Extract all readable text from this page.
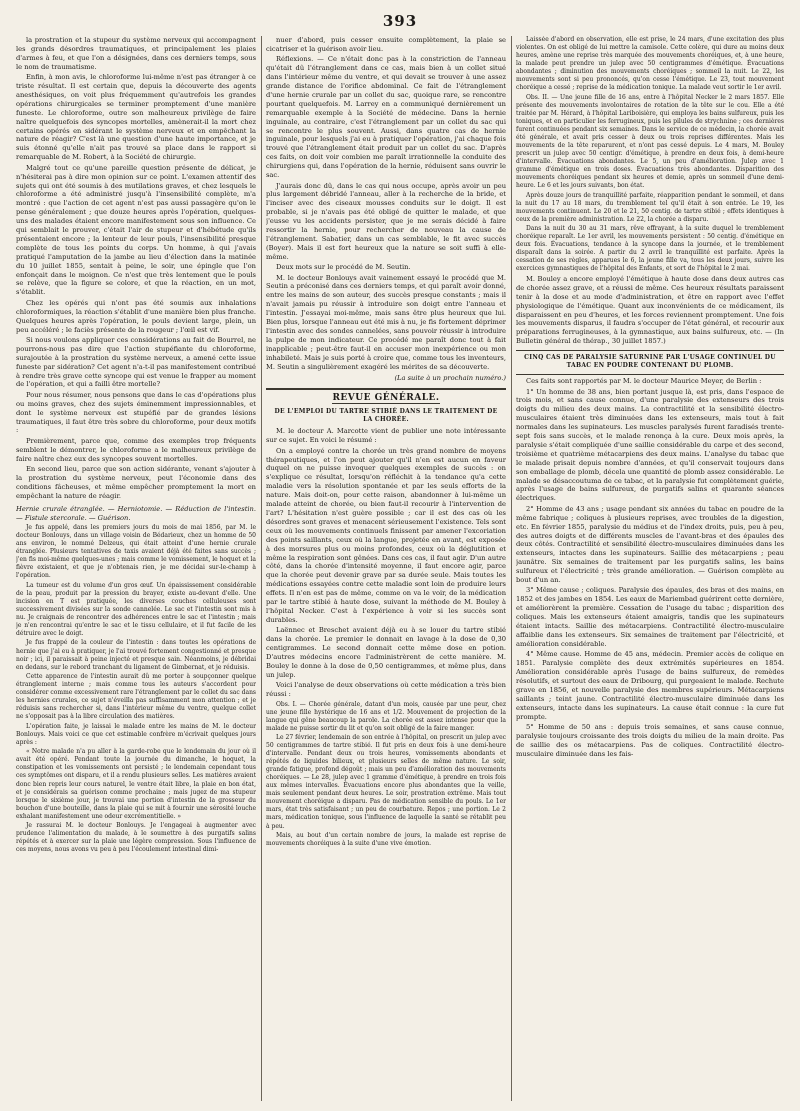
393

la prostration et la stupeur du système nerveux qui accompagnent les grands désordres traumatiques, et principalement les plaies d'armes à feu, et que l'on a désignées, dans ces derniers temps, sous le nom de traumatisme.

Enfin, à mon avis, le chloroforme lui-même n'est pas étranger à ce triste résultat. Il est certain que, depuis la découverte des agents anesthésiques, on voit plus fréquemment qu'autrefois les grandes opérations chirurgicales se terminer promptement d'une manière funeste. Le chloroforme, outre son malheureux privilège de faire naître quelquefois des syncopes mortelles, amènerait-il la mort chez certains opérés en sidérant le système nerveux et en empêchant la nature de réagir? C'est là une question d'une haute importance, et je suis étonné qu'elle n'ait pas trouvé sa place dans le rapport si remarquable de M. Robert, à la Société de chirurgie.

Malgré tout ce qu'une pareille question présente de délicat, je n'hésiterai pas à dire mon opinion sur ce point. L'examen attentif des sujets qui ont été soumis à des mutilations graves, et chez lesquels le chloroforme a été administré jusqu'à l'insensibilité complète, m'a montré : que l'action de cet agent n'est pas aussi passagère qu'on le pense généralement ; que douze heures après l'opération, quelques-uns des malades étaient encore manifestement sous son influence. Ce qui semblait le prouver, c'était l'air de stupeur et d'hébétude qu'ils présentaient encore ; la lenteur de leur pouls, l'insensibilité presque complète de tous les points du corps. Un homme, à qui j'avais pratiqué l'amputation de la jambe au lieu d'élection dans la matinée du 10 juillet 1855, sentait à peine, le soir, une épingle que l'on enfonçait dans le moignon. Ce n'est que très lentement que le pouls se relève, que la figure se colore, et que la réaction, en un mot, s'établit.

Chez les opérés qui n'ont pas été soumis aux inhalations chloroformiques, la réaction s'établit d'une manière bien plus franche. Quelques heures après l'opération, le pouls devient large, plein, un peu accéléré ; le faciès présente de la rougeur ; l'œil est vif.

Si nous voulons appliquer ces considérations au fait de Bourrel, ne pourrons-nous pas dire que l'action stupéfiante du chloroforme, surajoutée à la prostration du système nerveux, a amené cette issue funeste par sidération? Cet agent n'a-t-il pas manifestement contribué à rendre très grave cette syncope qui est venue le frapper au moment de l'opération, et qui a failli être mortelle?

Pour nous résumer, nous pensons que dans le cas d'opérations plus ou moins graves, chez des sujets éminemment impressionnables, et dont le système nerveux est stupéfié par de grandes lésions traumatiques, il faut être très sobre du chloroforme, pour deux motifs :

Premièrement, parce que, comme des exemples trop fréquents semblent le démontrer, le chloroforme a le malheureux privilège de faire naître chez eux des syncopes souvent mortelles.

En second lieu, parce que son action sidérante, venant s'ajouter à la prostration du système nerveux, peut l'économie dans des conditions fâcheuses, et même empêcher promptement la mort en empêchant la nature de réagir.

Hernie crurale étranglée. — Herniotomie. — Réduction de l'intestin. — Fistule stercorale. — Guérison.

Je fus appelé, dans les premiers jours du mois de mai 1856, par M. le docteur Bonlouys, dans un village voisin de Bédarieux, chez un homme de 50 ans environ, le nommé Delzeus, qui était atteint d'une hernie crurale étranglée. Plusieurs tentatives de taxis avaient déjà été faites sans succès ; j'en fis moi-même quelques-unes ; mais comme le vomissement, le hoquet et la fièvre existaient, et que je n'obtenais rien, je me décidai sur-le-champ à l'opération.

La tumeur est du volume d'un gros œuf. Un épaississement considérable de la peau, produit par la pression du brayer, existe au-devant d'elle. Une incision en T est pratiquée, les diverses couches celluleuses sont successivement divisées sur la sonde cannelée. Le sac et l'intestin sont mis à nu. Je craignais de rencontrer des adhérences entre le sac et l'intestin ; mais je n'en rencontrai qu'entre le sac et le tissu cellulaire, et il fut facile de les détruire avec le doigt.

Je fus frappé de la couleur de l'intestin : dans toutes les opérations de hernie que j'ai eu à pratiquer, je l'ai trouvé fortement congestionné et presque noir ; ici, il paraissait à peine injecté et presque sain. Néanmoins, je débridai en dedans, sur le rebord tranchant du ligament de Gimbernat, et je réduisis.

Cette apparence de l'intestin aurait dû me porter à soupçonner quelque étranglement interne ; mais comme tous les auteurs s'accordent pour considérer comme excessivement rare l'étranglement par le collet du sac dans les hernies crurales, ce sujet n'éveilla pas suffisamment mon attention ; et je réduisis sans rechercher si, dans l'intérieur même du ventre, quelque collet ne s'opposait pas à la libre circulation des matières.

L'opération faite, je laissai le malade entre les mains de M. le docteur Bonlouys. Mais voici ce que cet estimable confrère m'écrivait quelques jours après :

« Notre malade n'a pu aller à la garde-robe que le lendemain du jour où il avait été opéré. Pendant toute la journée du dimanche, le hoquet, la constipation et les vomissements ont persisté ; le lendemain cependant tous ces symptômes ont disparu, et il a rendu plusieurs selles. Les matières avaient donc bien repris leur cours naturel, le ventre était libre, la plaie en bon état, et je considérais sa guérison comme prochaine ; mais jugez de ma stupeur lorsque le sixième jour, je trouvai une portion d'intestin de la grosseur du bouchon d'une bouteille, dans la plaie qui se mit à fournir une sérosité louche exhalant manifestement une odeur excrémentitielle. »

Je rassurai M. le docteur Bonlouys. Je l'engageai à augmenter avec prudence l'alimentation du malade, à le soumettre à des purgatifs salins répétés et à exercer sur la plaie une légère compression. Sous l'influence de ces moyens, nous avons vu peu à peu l'écoulement intestinal dimi-

nuer d'abord, puis cesser ensuite complètement, la plaie se cicatriser et la guérison avoir lieu.

Réflexions. — Ce n'était donc pas à la constriction de l'anneau qu'était dû l'étranglement dans ce cas, mais bien à un collet situé dans l'intérieur même du ventre, et qui devait se trouver à une assez grande distance de l'orifice abdominal. Ce fait de l'étranglement d'une hernie crurale par un collet du sac, quoique rare, se rencontre pourtant quelquefois. M. Larrey en a communiqué dernièrement un remarquable exemple à la Société de médecine. Dans la hernie inguinale, au contraire, c'est l'étranglement par un collet du sac qui se rencontre le plus souvent. Aussi, dans quatre cas de hernie inguinale, pour lesquels j'ai eu à pratiquer l'opération, j'ai chaque fois trouvé que l'étranglement était produit par un collet du sac. D'après ces faits, on doit voir combien me paraît irrationnelle la conduite des chirurgiens qui, dans l'opération de la hernie, réduisent sans ouvrir le sac.

J'aurais donc dû, dans le cas qui nous occupe, après avoir un peu plus largement débridé l'anneau, aller à la recherche de la bride, et l'inciser avec des ciseaux mousses conduits sur le doigt. Il est probable, si je n'avais pas été obligé de quitter le malade, et que j'eusse vu les accidents persister, que je me serais décidé à faire ressortir la hernie, pour rechercher de nouveau la cause de l'étranglement. Sabatier, dans un cas semblable, le fit avec succès (Boyer). Mais il est fort heureux que la nature se soit suffi à elle-même.

Deux mots sur le procédé de M. Seutin.

M. le docteur Bonlouys avait vainement essayé le procédé que M. Seutin a préconisé dans ces derniers temps, et qui paraît avoir donné, entre les mains de son auteur, des succès presque constants ; mais il n'avait jamais pu réussir à introduire son doigt entre l'anneau et l'intestin. J'essayai moi-même, mais sans être plus heureux que lui. Bien plus, lorsque l'anneau eut été mis à nu, je fis fortement déprimer l'intestin avec des sondes cannelées, sans pouvoir réussir à introduire la pulpe de mon indicateur. Ce procédé me paraît donc tout à fait inapplicable ; peut-être faut-il en accuser mon inexpérience ou mon inhabileté. Mais je suis porté à croire que, comme tous les inventeurs, M. Seutin a singulièrement exagéré les mérites de sa découverte.

(La suite à un prochain numéro.)

REVUE GÉNÉRALE.

DE L'EMPLOI DU TARTRE STIBIÉ DANS LE TRAITEMENT DE LA CHORÉE.

M. le docteur A. Marcotte vient de publier une note intéressante sur ce sujet. En voici le résumé :

On a employé contre la chorée un très grand nombre de moyens thérapeutiques, et l'on peut ajouter qu'il n'en est aucun en faveur duquel on ne puisse invoquer quelques exemples de succès : on s'explique ce résultat, lorsqu'on réfléchit à la tendance qu'a cette maladie vers la résolution spontanée et par les seuls efforts de la nature. Mais doit-on, pour cette raison, abandonner à lui-même un malade atteint de chorée, ou bien faut-il recourir à l'intervention de l'art? L'hésitation n'est guère possible ; car il est des cas où les désordres sont graves et menacent sérieusement l'existence. Tels sont ceux où les mouvements continuels finissent par amener l'excoriation des points saillants, ceux où la langue, projetée en avant, est exposée à des morsures plus ou moins profondes, ceux où la déglutition et même la respiration sont gênées. Dans ces cas, il faut agir. D'un autre côté, dans la chorée d'intensité moyenne, il faut encore agir, parce que la chorée peut devenir grave par sa durée seule. Mais toutes les médications essayées contre cette maladie sont loin de produire leurs effets. Il n'en est pas de même, comme on va le voir, de la médication par le tartre stibié à haute dose, suivant la méthode de M. Bouley à l'hôpital Necker. C'est à l'expérience à voir si les succès sont durables.

Laënnec et Breschet avaient déjà eu à se louer du tartre stibié dans la chorée. Le premier le donnait en lavage à la dose de 0,30 centigrammes. Le second donnait cette même dose en potion. D'autres médecins encore l'administrèrent de cette manière. M. Bouley le donne à la dose de 0,50 centigrammes, et même plus, dans un julep.

Voici l'analyse de deux observations où cette médication a très bien réussi :

Obs. I. — Chorée générale, datant d'un mois, causée par une peur, chez une jeune fille hystérique de 16 ans et 1/2. Mouvement de projection de la langue qui gêne beaucoup la parole. La chorée est assez intense pour que la malade ne puisse sortir du lit et qu'on soit obligé de la faire manger.

Le 27 février, lendemain de son entrée à l'hôpital, on prescrit un julep avec 50 centigrammes de tartre stibié. Il fut pris en deux fois à une demi-heure d'intervalle. Pendant deux ou trois heures, vomissements abondants et répétés de liquides bilieux, et plusieurs selles de même nature. Le soir, grande fatigue, profond dégoût ; mais un peu d'amélioration des mouvements choréiques. — Le 28, julep avec 1 gramme d'émétique, à prendre en trois fois aux mêmes intervalles. Évacuations encore plus abondantes que la veille, mais seulement pendant deux heures. Le soir, prostration extrême. Mais tout mouvement choréique a disparu. Pas de médication sensible du pouls. Le 1er mars, état très satisfaisant ; un peu de courbature. Repos ; une portion. Le 2 mars, médication tonique, sous l'influence de laquelle la santé se rétablit peu à peu.

Mais, au bout d'un certain nombre de jours, la malade est reprise de mouvements choréiques à la suite d'une vive émotion.

Laissée d'abord en observation, elle est prise, le 24 mars, d'une excitation des plus violentes. On est obligé de lui mettre la camisole. Cette colère, qui dure au moins deux heures, amène une reprise très marquée des mouvements choréiques, et, à une heure, la malade peut prendre un julep avec 50 centigrammes d'émétique. Évacuations abondantes ; diminution des mouvements choréiques ; sommeil la nuit. Le 22, les mouvements sont si peu prononcés, qu'on cesse l'émétique. Le 23, tout mouvement choréique a cessé ; reprise de la médication tonique. La malade veut sortir le 1er avril.

Obs. II. — Une jeune fille de 16 ans, entre à l'hôpital Necker le 2 mars 1857. Elle présente des mouvements involontaires de rotation de la tête sur le cou. Elle a été traitée par M. Hérard, à l'hôpital Lariboisière, qui employa les bains sulfureux, puis les toniques, et en particulier les ferrugineux, puis les pilules de strychnine ; ces dernières furent continuées pendant six semaines. Dans le service de ce médecin, la chorée avait été générale, et avait pris cesser à deux ou trois reprises différentes. Mais les mouvements de la tête reparurent, et n'ont pas cessé depuis. Le 4 mars, M. Bouley prescrit un julep avec 50 centigr. d'émétique, à prendre en deux fois, à demi-heure d'intervalle. Évacuations abondantes. Le 5, un peu d'amélioration. Julep avec 1 gramme d'émétique en trois doses. Évacuations très abondantes. Disparition des mouvements choréiques pendant six heures et demie, après un sommeil d'une demi-heure. Le 6 et les jours suivants, bon état.

Après douze jours de tranquillité parfaite, réapparition pendant le sommeil, et dans la nuit du 17 au 18 mars, du tremblement tel qu'il était à son entrée. Le 19, les mouvements continuent. Le 20 et le 21, 50 centig. de tartre stibié ; effets identiques à ceux de la première administration. Le 22, la chorée a disparu.

Dans la nuit du 30 au 31 mars, rêve effrayant, à la suite duquel le tremblement choréique reparaît. Le 1er avril, les mouvements persistent : 50 centig. d'émétique en deux fois. Évacuations, tendance à la syncope dans la journée, et le tremblement disparaît dans la soirée. A partir du 2 avril le tranquillité est parfaite. Après la cessation de ses règles, apparues le 6, la jeune fille va, tous les deux jours, suivre les exercices gymnastiques de l'hôpital des Enfants, et sort de l'hôpital le 2 mai.

M. Bouley a encore employé l'émétique à haute dose dans deux autres cas de chorée assez grave, et a réussi de même. Ces heureux résultats paraissent tenir à la dose et au mode d'administration, et être en rapport avec l'effet physiologique de l'émétique. Quant aux inconvénients de ce médicament, ils disparaissent en peu d'heures, et les forces reviennent promptement. Une fois les mouvements disparus, il faudra s'occuper de l'état général, et recourir aux préparations ferrugineuses, à la gymnastique, aux bains sulfureux, etc. — (In Bulletin général de thérap., 30 juillet 1857.)

CINQ CAS DE PARALYSIE SATURNINE PAR L'USAGE CONTINUEL DU TABAC EN POUDRE CONTENANT DU PLOMB.

Ces faits sont rapportés par M. le docteur Maurice Meyer, de Berlin :

1° Un homme de 38 ans, bien portant jusque là, est pris, dans l'espace de trois mois, et sans cause connue, d'une paralysie des extenseurs des trois doigts du milieu des deux mains. La contractilité et la sensibilité électro-musculaires étaient très diminuées dans les extenseurs, mais tout à fait normales dans les supinateurs. Les muscles paralysés furent faradisés trente-sept fois sans succès, et le malade renonça à la cure. Deux mois après, la paralysie s'était compliquée d'une saillie considérable du carpe et des second, troisième et quatrième métacarpiens des deux mains. L'analyse du tabac que le malade prisait depuis nombre d'années, et qu'il conservait toujours dans son emballage de plomb, décela une quantité de plomb assez considérable. Le malade se désaccoutuma de ce tabac, et la paralysie fut complètement guérie, après l'usage de bains sulfureux, de purgatifs salins et quarante séances électriques.

2° Homme de 43 ans ; usage pendant six années du tabac en poudre de la même fabrique ; coliques à plusieurs reprises, avec troubles de la digestion, etc. En février 1855, paralysie du médius et de l'index droits, puis, peu à peu, des autres doigts et de différents muscles de l'avant-bras et des épaules des deux côtés. Contractilité et sensibilité électro-musculaires diminuées dans les extenseurs, intactes dans les supinateurs. Saillie des métacarpiens ; peau jaunâtre. Six semaines de traitement par les purgatifs salins, les bains sulfureux et l'électricité ; très grande amélioration. — Guérison complète au bout d'un an.

3° Même cause ; coliques. Paralysie des épaules, des bras et des mains, en 1852 et des jambes en 1854. Les eaux de Mariembad guérirent cette dernière, et améliorèrent la première. Cessation de l'usage du tabac ; disparition des coliques. Mais les extenseurs étaient amaigris, tandis que les supinateurs étaient intacts. Saillie des métacarpiens. Contractilité électro-musculaire affaiblie dans les extenseurs. Six semaines de traitement par l'électricité, et amélioration considérable.

4° Même cause. Homme de 45 ans, médecin. Premier accès de colique en 1851. Paralysie complète des deux extrémités supérieures en 1854. Amélioration considérable après l'usage de bains sulfureux, de remèdes résolutifs, et surtout des eaux de Dribourg, qui purgeaient le malade. Rechute grave en 1856, et nouvelle paralysie des membres supérieurs. Métacarpiens saillants ; teint jaune. Contractilité électro-musculaire diminuée dans les extenseurs, intacte dans les supinateurs. La cause était connue : la cure fut prompte.

5° Homme de 50 ans : depuis trois semaines, et sans cause connue, paralysie toujours croissante des trois doigts du milieu de la main droite. Pas de saillie des os métacarpiens. Pas de coliques. Contractilité électro-musculaire diminuée dans les fais-
